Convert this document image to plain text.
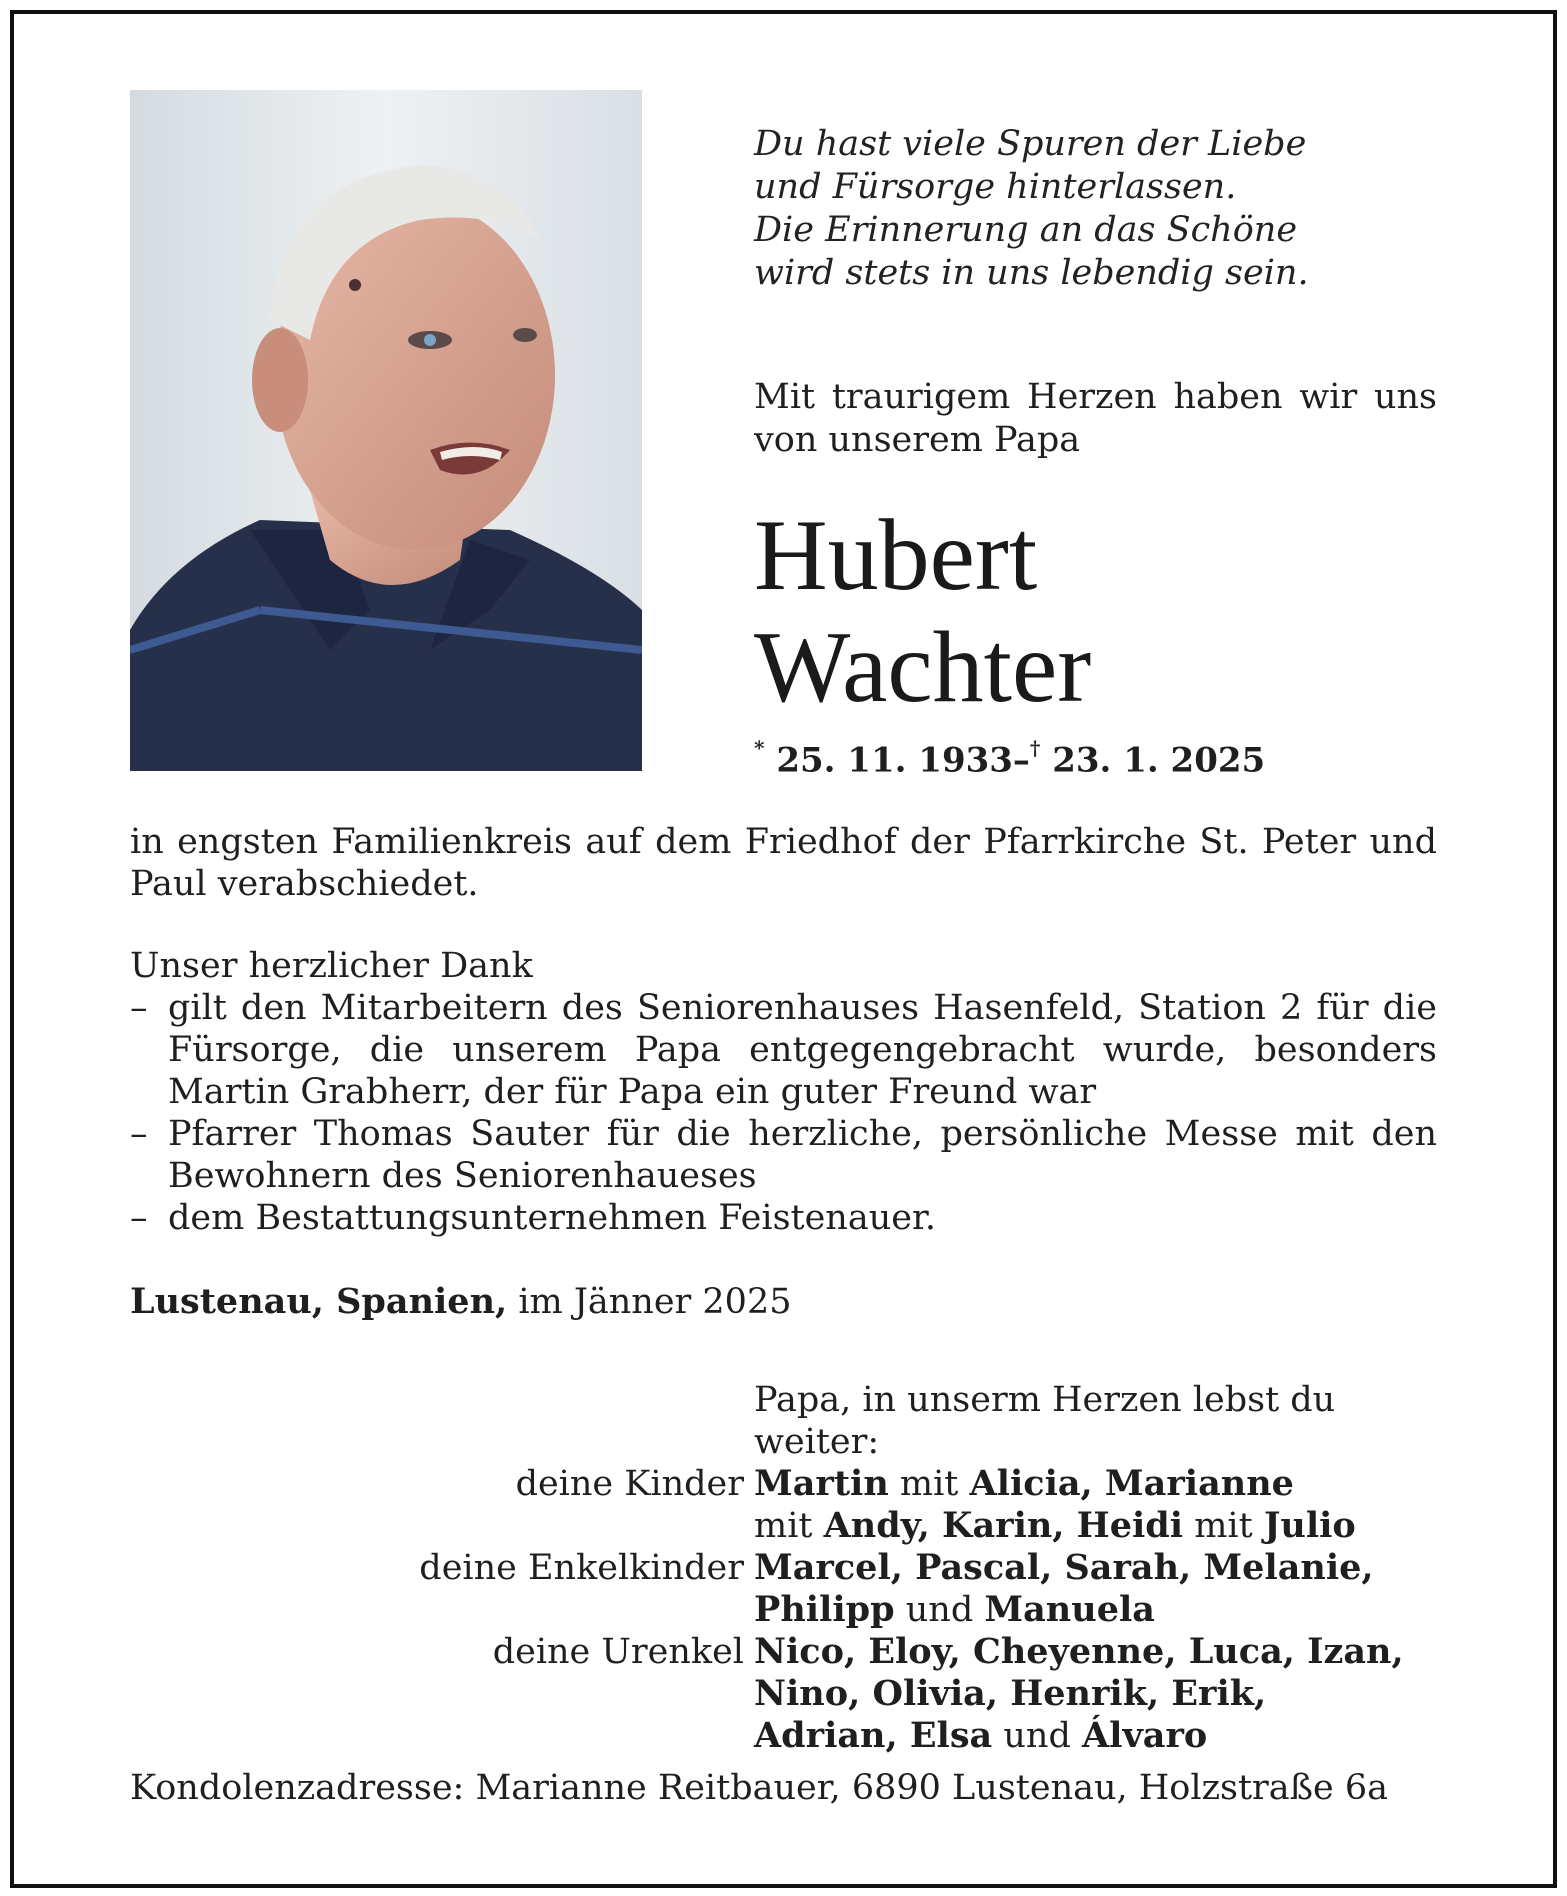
Du hast viele Spuren der Liebe
und Fürsorge hinterlassen.
Die Erinnerung an das Schöne
wird stets in uns lebendig sein.
Mit traurigem Herzen haben wir uns
von unserem Papa
Hubert
Wachter
* 25. 11. 1933–† 23. 1. 2025
in engsten Familienkreis auf dem Friedhof der Pfarrkirche St. Peter und Paul verabschiedet.
Unser herzlicher Dank
– gilt den Mitarbeitern des Seniorenhauses Hasenfeld, Station 2 für die Fürsorge, die unserem Papa entgegengebracht wurde, besonders Martin Grabherr, der für Papa ein guter Freund war
– Pfarrer Thomas Sauter für die herzliche, persönliche Messe mit den Bewohnern des Seniorenhaueses
– dem Bestattungsunternehmen Feistenauer.
Lustenau, Spanien, im Jänner 2025
Papa, in unserm Herzen lebst du weiter:
deine Kinder Martin mit Alicia, Marianne
mit Andy, Karin, Heidi mit Julio
deine Enkelkinder Marcel, Pascal, Sarah, Melanie,
Philipp und Manuela
deine Urenkel Nico, Eloy, Cheyenne, Luca, Izan,
Nino, Olivia, Henrik, Erik,
Adrian, Elsa und Álvaro
Kondolenzadresse: Marianne Reitbauer, 6890 Lustenau, Holzstraße 6a
